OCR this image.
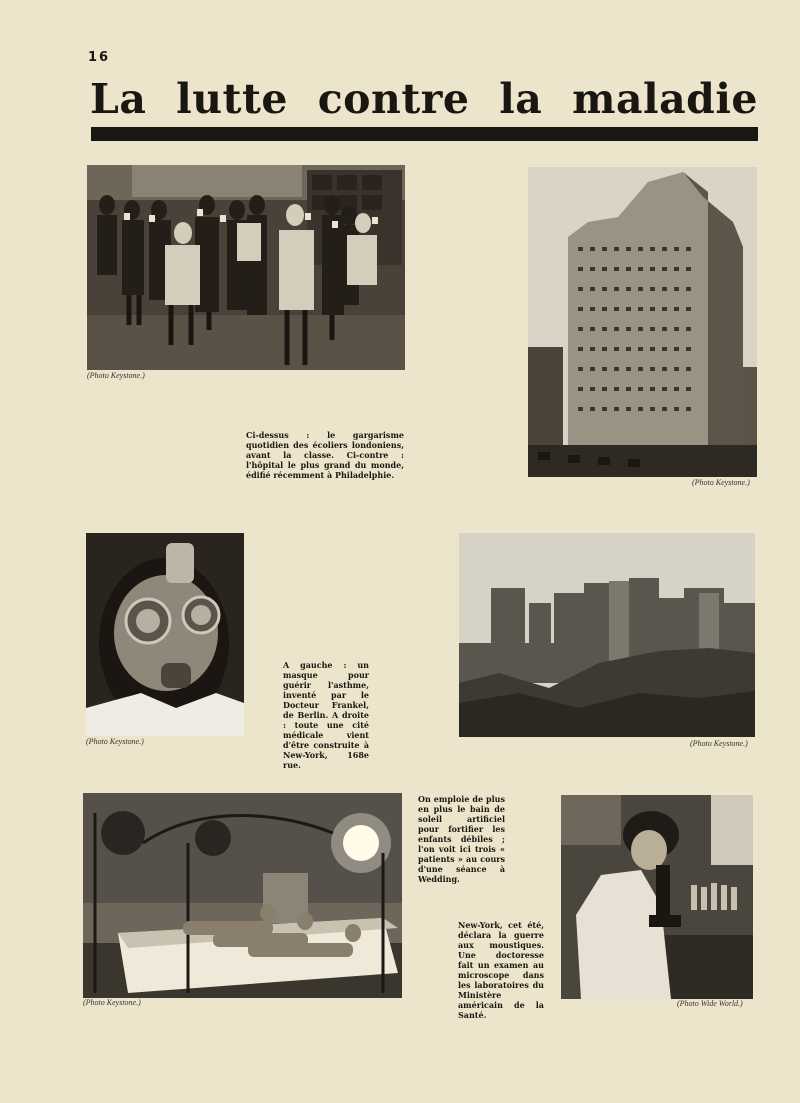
16
La lutte contre la maladie
(Photo Keystone.)
(Photo Keystone.)
Ci-dessus : le gargarisme quotidien des écoliers londoniens, avant la classe. Ci-contre : l'hôpital le plus grand du monde, édifié récemment à Philadelphie.
(Photo Keystone.)
A gauche : un masque pour guérir l'asthme, inventé par le Docteur Frankel, de Berlin. A droite : toute une cité médicale vient d'être construite à New-York, 168e rue.
(Photo Keystone.)
On emploie de plus en plus le bain de soleil artificiel pour fortifier les enfants débiles ; l'on voit ici trois « patients » au cours d'une séance à Wedding.
(Photo Keystone.)
New-York, cet été, déclara la guerre aux moustiques. Une doctoresse fait un examen au microscope dans les laboratoires du Ministère américain de la Santé.
(Photo Wide World.)
